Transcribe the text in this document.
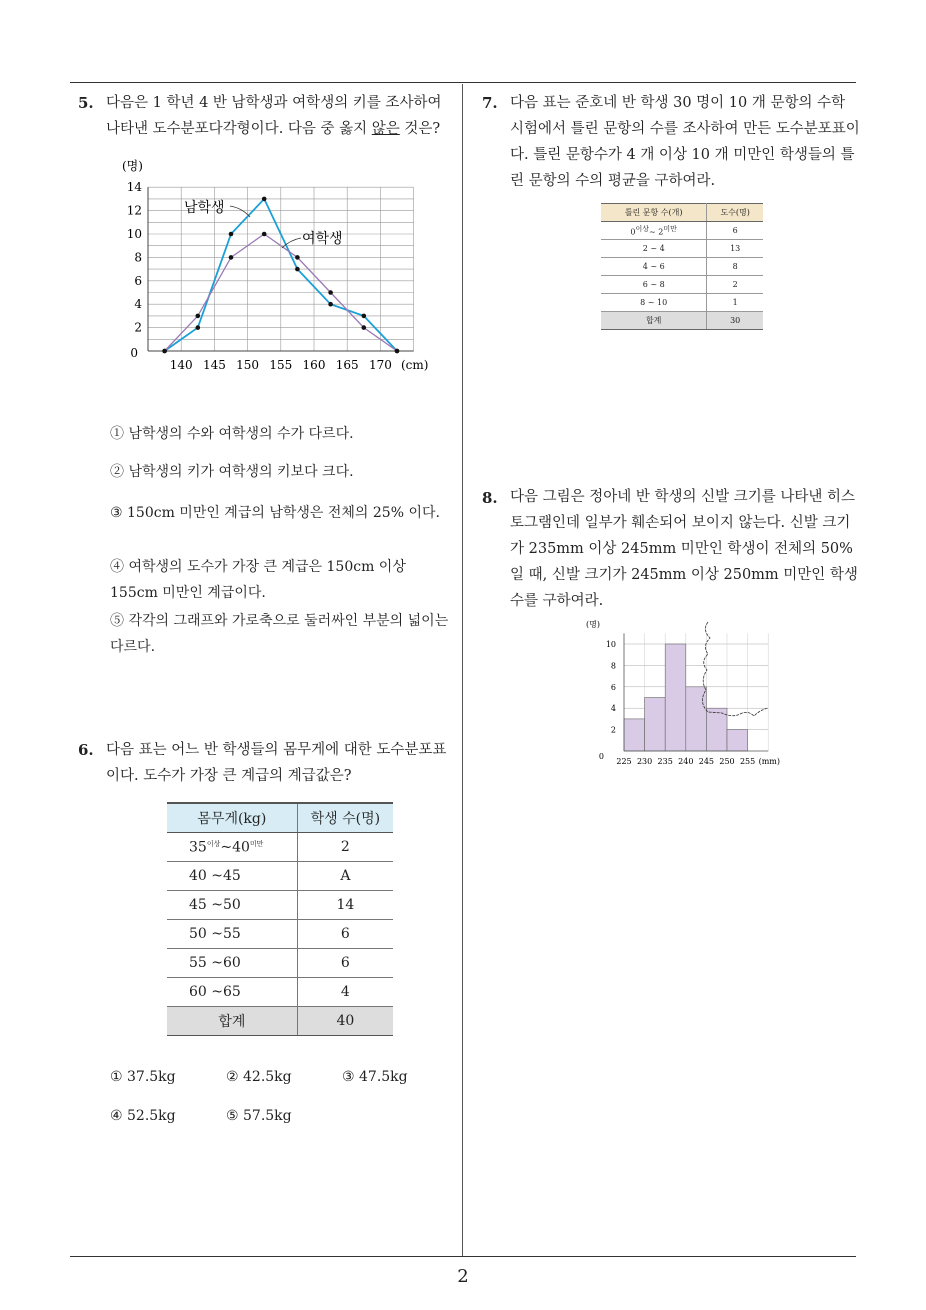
5. 다음은 1 학년 4 반 남학생과 여학생의 키를 조사하여 나타낸 도수분포다각형이다. 다음 중 옳지 않은 것은?
0
2
4
6
8
10
12
14
(명)
140 145 150 155 160 165 170 (cm)
남학생
여학생
① 남학생의 수와 여학생의 수가 다르다.
② 남학생의 키가 여학생의 키보다 크다.
③ 150cm 미만인 계급의 남학생은 전체의 25% 이다.
④ 여학생의 도수가 가장 큰 계급은 150cm 이상 155cm 미만인 계급이다.
⑤ 각각의 그래프와 가로축으로 둘러싸인 부분의 넓이는 다르다.
6. 다음 표는 어느 반 학생들의 몸무게에 대한 도수분포표이다. 도수가 가장 큰 계급의 계급값은?
몸무게(kg)	학생 수(명)
$35^{이상}\sim 40^{미만}$	2
40 ~45	A
45 ~50	14
50 ~55	6
55 ~60	6
60 ~65	4
합계	40
① 37.5kg	② 42.5kg	③ 47.5kg
④ 52.5kg	⑤ 57.5kg
7. 다음 표는 준호네 반 학생 30 명이 10 개 문항의 수학 시험에서 틀린 문항의 수를 조사하여 만든 도수분포표이다. 틀린 문항수가 4 개 이상 10 개 미만인 학생들의 틀린 문항의 수의 평균을 구하여라.
틀린 문항 수(개)	도수(명)
$0^{이상}\sim$ $2^{미만}$	6
2 ~ 4	13
4 ~ 6	8
6 ~ 8	2
8 ~ 10	1
합계	30
8. 다음 그림은 정아네 반 학생의 신발 크기를 나타낸 히스토그램인데 일부가 훼손되어 보이지 않는다. 신발 크기가 235mm 이상 245mm 미만인 학생이 전체의 50% 일 때, 신발 크기가 245mm 이상 250mm 미만인 학생 수를 구하여라.
0
2
4
6
8
10
(명)
225 230 235 240 245 250 255 (mm)
2
